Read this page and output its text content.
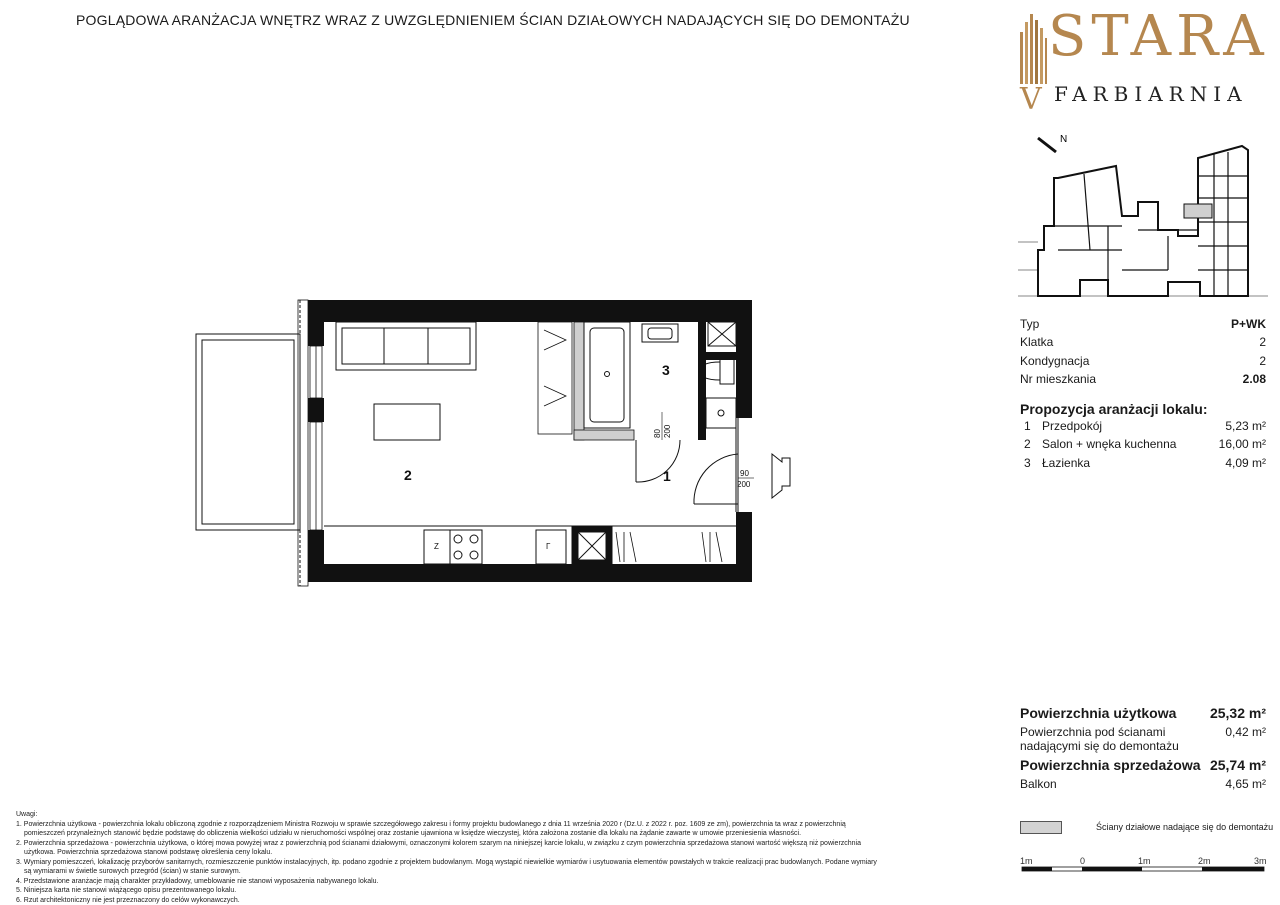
POGLĄDOWA ARANŻACJA WNĘTRZ WRAZ Z UWZGLĘDNIENIEM ŚCIAN DZIAŁOWYCH NADAJĄCYCH SIĘ DO DEMONTAŻU STARA
V FARBIARNIA
N
Typ	P+WK
Klatka	2
Kondygnacja	2
Nr mieszkania	2.08
Propozycja aranżacji lokalu:
1 Przedpokój	5,23 m²
2 Salon + wnęka kuchenna	16,00 m²
3 Łazienka	4,09 m²
Powierzchnia użytkowa 25,32 m²
Powierzchnia pod ścianami
nadającymi się do demontażu
0,42 m²
Powierzchnia sprzedażowa 25,74 m²
Balkon	4,65 m²
Ściany działowe nadające się do demontażu
1m	0	1m	2m	3m

Uwagi:

1. Powierzchnia użytkowa - powierzchnia lokalu obliczoną zgodnie z rozporządzeniem Ministra Rozwoju w sprawie szczegółowego zakresu i formy projektu budowlanego z dnia 11 września 2020 r (Dz.U. z 2022 r. poz. 1609 ze zm), powierzchnia ta wraz z powierzchnią

pomieszczeń przynależnych stanowić będzie podstawę do obliczenia wielkości udziału w nieruchomości wspólnej oraz zostanie ujawniona w księdze wieczystej, która założona zostanie dla lokalu na żądanie zawarte w umowie przeniesienia własności.

2. Powierzchnia sprzedażowa - powierzchnia użytkowa, o której mowa powyżej wraz z powierzchnią pod ścianami działowymi, oznaczonymi kolorem szarym na niniejszej karcie lokalu, w związku z czym powierzchnia sprzedażowa stanowi wartość większą niż powierzchnia

użytkowa. Powierzchnia sprzedażowa stanowi podstawę określenia ceny lokalu.

3. Wymiary pomieszczeń, lokalizację przyborów sanitarnych, rozmieszczenie punktów instalacyjnych, itp. podano zgodnie z projektem budowlanym. Mogą wystąpić niewielkie wymiarów i usytuowania elementów powstałych w trakcie realizacji prac budowlanych. Podane wymiary

są wymiarami w świetle surowych przegród (ścian) w stanie surowym.

4. Przedstawione aranżacje mają charakter przykładowy, umeblowanie nie stanowi wyposażenia nabywanego lokalu.

5. Niniejsza karta nie stanowi wiążącego opisu prezentowanego lokalu.

6. Rzut architektoniczny nie jest przeznaczony do celów wykonawczych.

2	1
3
80 200
90
200
Z	Γ
